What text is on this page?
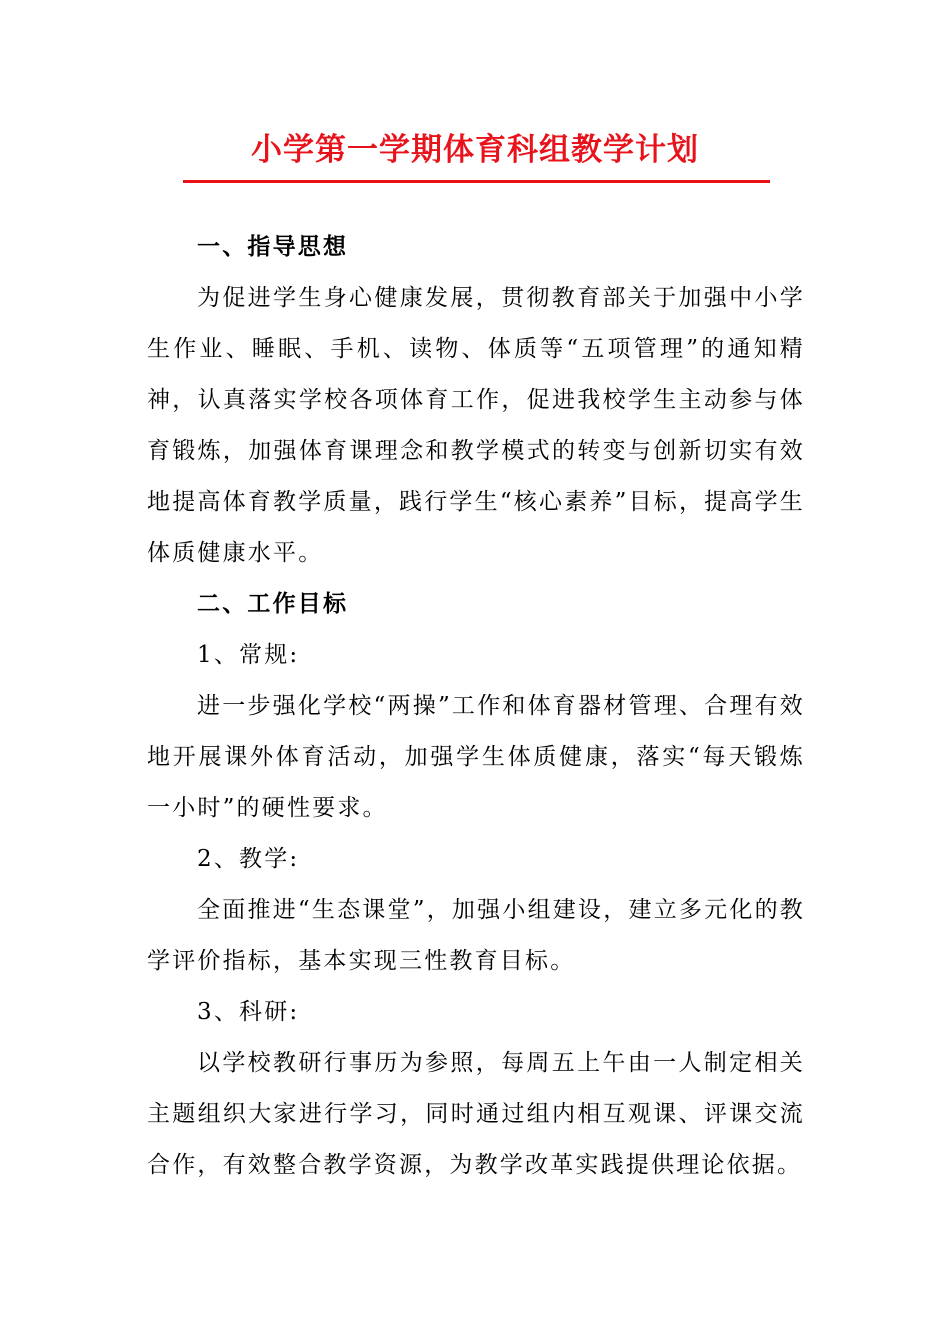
小学第一学期体育科组教学计划

一、指导思想

为促进学生身心健康发展，贯彻教育部关于加强中小学生作业、睡眠、手机、读物、体质等“五项管理”的通知精神，认真落实学校各项体育工作，促进我校学生主动参与体育锻炼，加强体育课理念和教学模式的转变与创新切实有效地提高体育教学质量，践行学生“核心素养”目标，提高学生体质健康水平。

二、工作目标

1、常规:

进一步强化学校“两操”工作和体育器材管理、合理有效地开展课外体育活动，加强学生体质健康，落实“每天锻炼一小时”的硬性要求。

2、教学:

全面推进“生态课堂”，加强小组建设，建立多元化的教学评价指标，基本实现三性教育目标。

3、科研:

以学校教研行事历为参照，每周五上午由一人制定相关主题组织大家进行学习，同时通过组内相互观课、评课交流合作，有效整合教学资源，为教学改革实践提供理论依据。
